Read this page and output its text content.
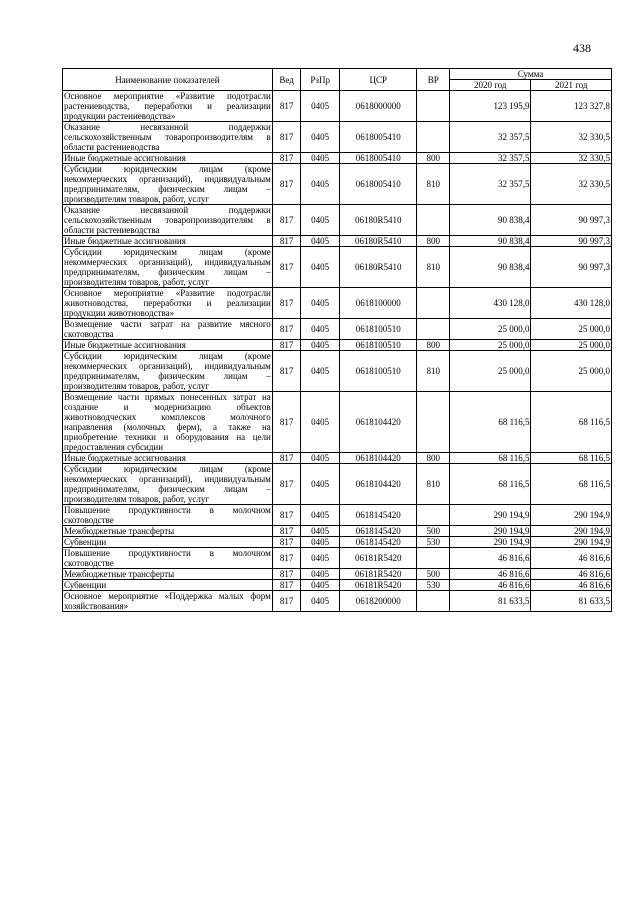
438
Наименование показателей	Вед	РзПр	ЦСР	ВР	Сумма	
					2020 год	2021 год
Основное мероприятие «Развитие подотрасли растениеводства, переработки и реализации продукции растениеводства»	817	0405	0618000000		123 195,9	123 327,8
Оказание несвязанной поддержки сельскохозяйственным товаропроизводителям в области растениеводства	817	0405	0618005410		32 357,5	32 330,5
Иные бюджетные ассигнования	817	0405	0618005410	800	32 357,5	32 330,5
Субсидии юридическим лицам (кроме некоммерческих организаций), индивидуальным предпринимателям, физическим лицам – производителям товаров, работ, услуг	817	0405	0618005410	810	32 357,5	32 330,5
Оказание несвязанной поддержки сельскохозяйственным товаропроизводителям в области растениеводства	817	0405	06180R5410		90 838,4	90 997,3
Иные бюджетные ассигнования	817	0405	06180R5410	800	90 838,4	90 997,3
Субсидии юридическим лицам (кроме некоммерческих организаций), индивидуальным предпринимателям, физическим лицам – производителям товаров, работ, услуг	817	0405	06180R5410	810	90 838,4	90 997,3
Основное мероприятие «Развитие подотрасли животноводства, переработки и реализации продукции животноводства»	817	0405	0618100000		430 128,0	430 128,0
Возмещение части затрат на развитие мясного скотоводства	817	0405	0618100510		25 000,0	25 000,0
Иные бюджетные ассигнования	817	0405	0618100510	800	25 000,0	25 000,0
Субсидии юридическим лицам (кроме некоммерческих организаций), индивидуальным предпринимателям, физическим лицам – производителям товаров, работ, услуг	817	0405	0618100510	810	25 000,0	25 000,0
Возмещение части прямых понесенных затрат на создание и модернизацию объектов животноводческих комплексов молочного направления (молочных ферм), а также на приобретение техники и оборудования на цели предоставления субсидии	817	0405	0618104420		68 116,5	68 116,5
Иные бюджетные ассигнования	817	0405	0618104420	800	68 116,5	68 116,5
Субсидии юридическим лицам (кроме некоммерческих организаций), индивидуальным предпринимателям, физическим лицам – производителям товаров, работ, услуг	817	0405	0618104420	810	68 116,5	68 116,5
Повышение продуктивности в молочном скотоводстве	817	0405	0618145420		290 194,9	290 194,9
Межбюджетные трансферты	817	0405	0618145420	500	290 194,9	290 194,9
Субвенции	817	0405	0618145420	530	290 194,9	290 194,9
Повышение продуктивности в молочном скотоводстве	817	0405	06181R5420		46 816,6	46 816,6
Межбюджетные трансферты	817	0405	06181R5420	500	46 816,6	46 816,6
Субвенции	817	0405	06181R5420	530	46 816,6	46 816,6
Основное мероприятие «Поддержка малых форм хозяйствования»	817	0405	0618200000		81 633,5	81 633,5
